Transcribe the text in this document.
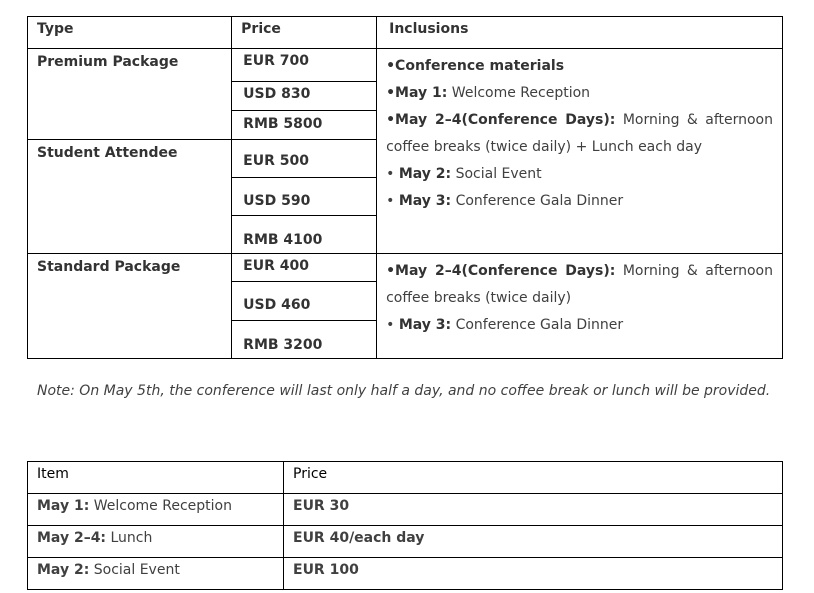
Type	Price	Inclusions
Premium Package	EUR 700	•Conference materials
•May 1: Welcome Reception
•May 2–4(Conference Days): Morning & afternoon coffee breaks (twice daily) + Lunch each day
• May 2: Social Event
• May 3: Conference Gala Dinner

	USD 830	
	RMB 5800	
Student Attendee	EUR 500	
	USD 590	
	RMB 4100	
Standard Package	EUR 400	•May 2–4(Conference Days): Morning & afternoon coffee breaks (twice daily)
• May 3: Conference Gala Dinner

	USD 460	
	RMB 3200	
Note: On May 5th, the conference will last only half a day, and no coffee break or lunch will be provided.
Item	Price
May 1: Welcome Reception	EUR 30
May 2–4: Lunch	EUR 40/each day
May 2: Social Event	EUR 100
